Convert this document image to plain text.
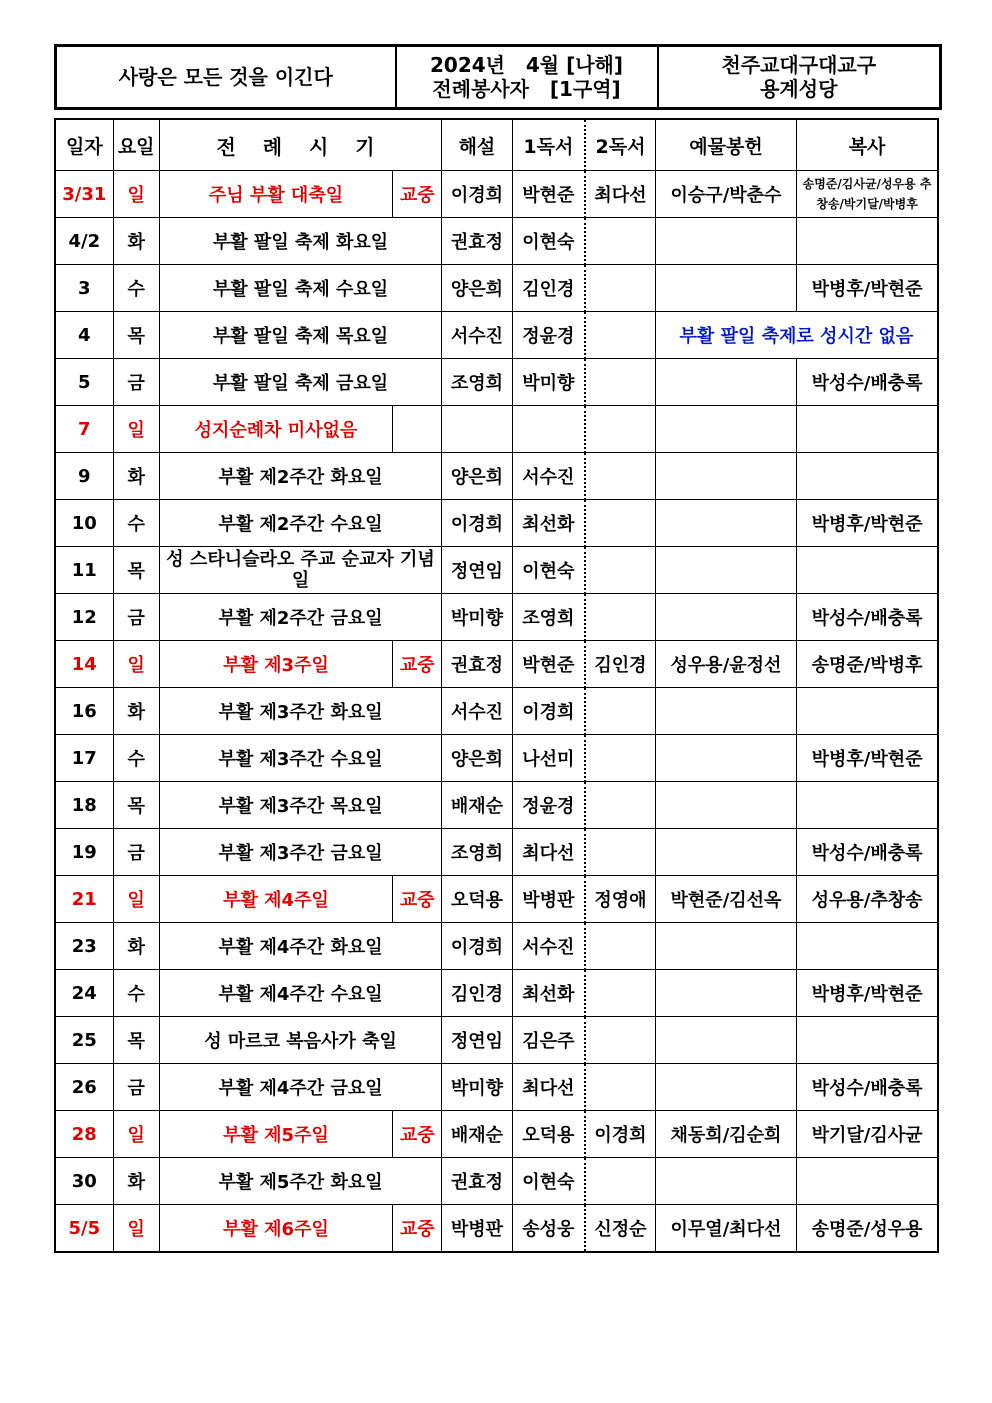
사랑은 모든 것을 이긴다	2024년   4월 [나해]
전례봉사자   [1구역]

천주교대구대교구
용계성당
일자	요일	전 례 시 기		해설	1독서	2독서	예물봉헌	복사
3/31	일	주님 부활 대축일	교중	이경희	박현준	최다선	이승구/박춘수	송명준/김사균/성우용 추창송/박기달/박병후
4/2	화	부활 팔일 축제 화요일		권효정	이현숙			
3	수	부활 팔일 축제 수요일		양은희	김인경			박병후/박현준
4	목	부활 팔일 축제 목요일		서수진	정윤경		부활 팔일 축제로 성시간 없음	
5	금	부활 팔일 축제 금요일		조영희	박미향			박성수/배충록
7	일	성지순례차 미사없음						
9	화	부활 제2주간 화요일		양은희	서수진			
10	수	부활 제2주간 수요일		이경희	최선화			박병후/박현준
11	목	성 스타니슬라오 주교 순교자 기념일		정연임	이현숙			
12	금	부활 제2주간 금요일		박미향	조영희			박성수/배충록
14	일	부활 제3주일	교중	권효정	박현준	김인경	성우용/윤정선	송명준/박병후
16	화	부활 제3주간 화요일		서수진	이경희			
17	수	부활 제3주간 수요일		양은희	나선미			박병후/박현준
18	목	부활 제3주간 목요일		배재순	정윤경			
19	금	부활 제3주간 금요일		조영희	최다선			박성수/배충록
21	일	부활 제4주일	교중	오덕용	박병판	정영애	박현준/김선옥	성우용/추창송
23	화	부활 제4주간 화요일		이경희	서수진			
24	수	부활 제4주간 수요일		김인경	최선화			박병후/박현준
25	목	성 마르코 복음사가 축일		정연임	김은주			
26	금	부활 제4주간 금요일		박미향	최다선			박성수/배충록
28	일	부활 제5주일	교중	배재순	오덕용	이경희	채동희/김순희	박기달/김사균
30	화	부활 제5주간 화요일		권효정	이현숙			
5/5	일	부활 제6주일	교중	박병판	송성웅	신정순	이무열/최다선	송명준/성우용
